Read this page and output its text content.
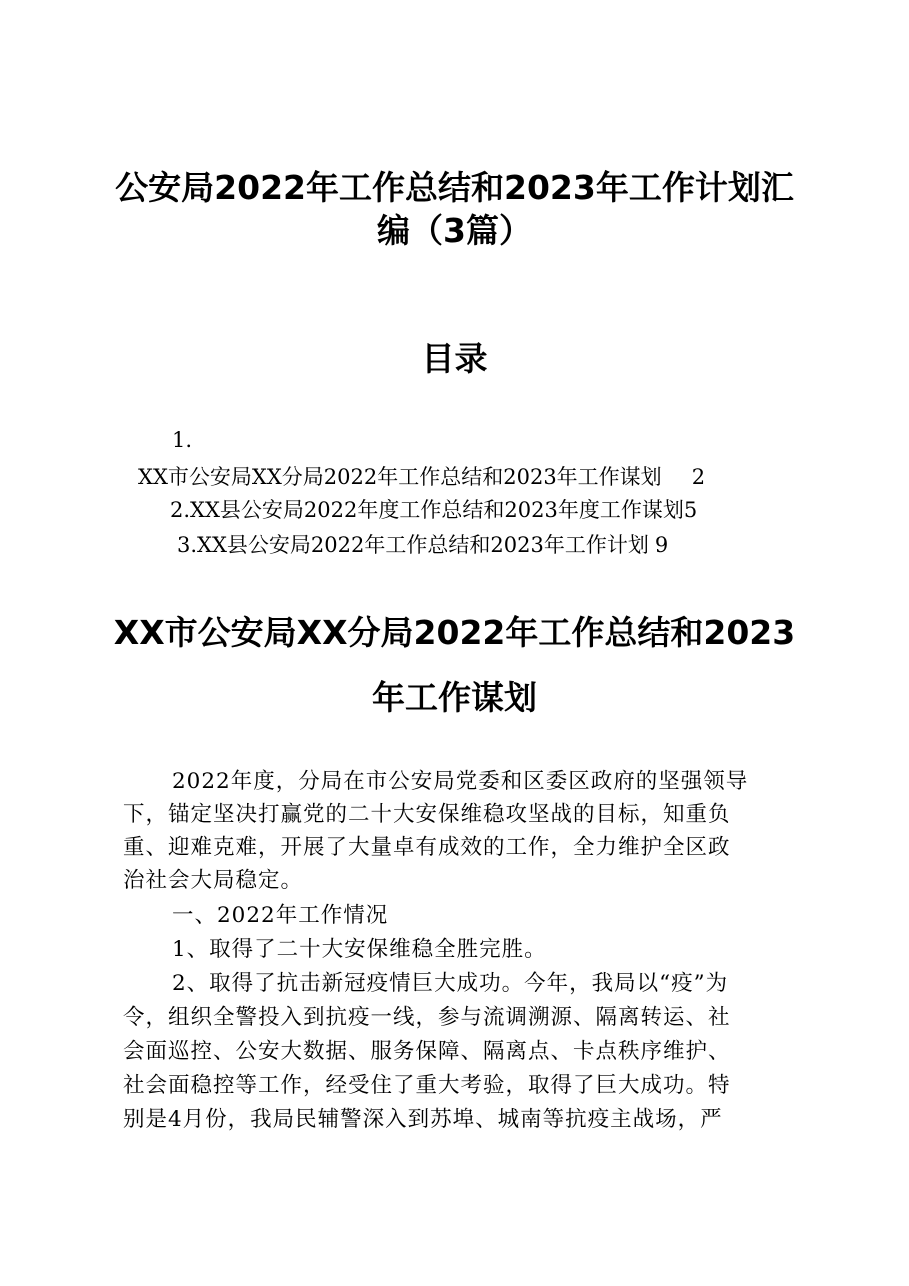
公安局2022年工作总结和2023年工作计划汇
编（3篇）
目录
1.
XX市公安局XX分局2022年工作总结和2023年工作谋划 2
2.XX县公安局2022年度工作总结和2023年度工作谋划5
3.XX县公安局2022年工作总结和2023年工作计划 9
XX市公安局XX分局2022年工作总结和2023
年工作谋划
2022年度，分局在市公安局党委和区委区政府的坚强领导
下，锚定坚决打赢党的二十大安保维稳攻坚战的目标，知重负
重、迎难克难，开展了大量卓有成效的工作，全力维护全区政
治社会大局稳定。
一、2022年工作情况
1、取得了二十大安保维稳全胜完胜。
2、取得了抗击新冠疫情巨大成功。今年，我局以“疫”为
令，组织全警投入到抗疫一线，参与流调溯源、隔离转运、社
会面巡控、公安大数据、服务保障、隔离点、卡点秩序维护、
社会面稳控等工作，经受住了重大考验，取得了巨大成功。特
别是4月份，我局民辅警深入到苏埠、城南等抗疫主战场，严
